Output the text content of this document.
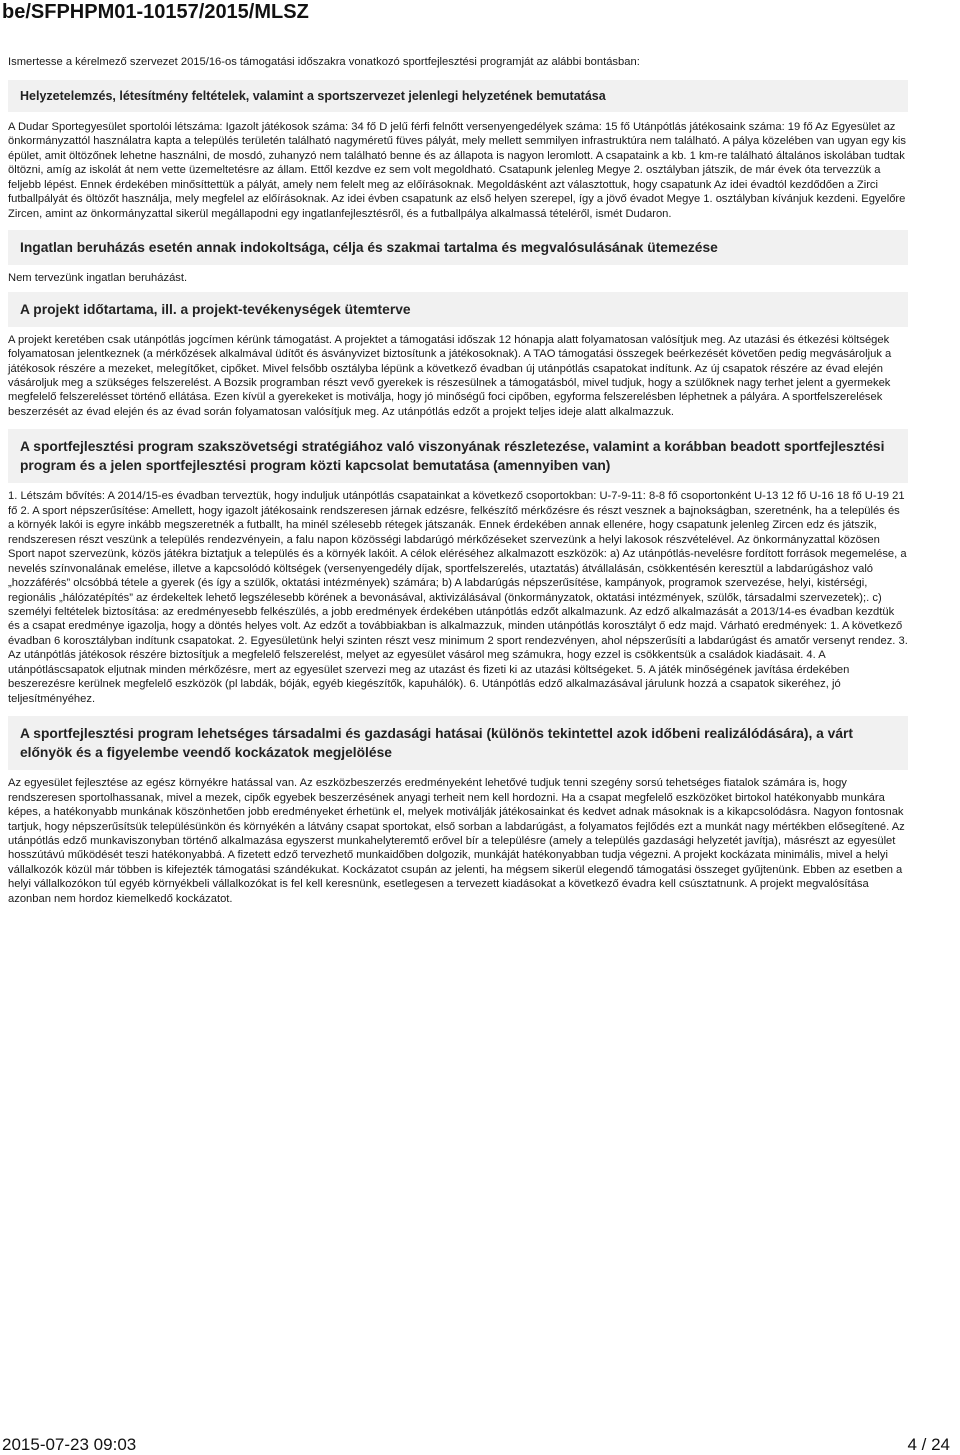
be/SFPHPM01-10157/2015/MLSZ

Ismertesse a kérelmező szervezet 2015/16-os támogatási időszakra vonatkozó sportfejlesztési programját az alábbi bontásban:

Helyzetelemzés, létesítmény feltételek, valamint a sportszervezet jelenlegi helyzetének bemutatása

A Dudar Sportegyesület sportolói létszáma: Igazolt játékosok száma: 34 fő D jelű férfi felnőtt versenyengedélyek száma: 15 fő Utánpótlás játékosaink száma: 19 fő Az Egyesület az önkormányzattól használatra kapta a település területén található nagyméretű füves pályát, mely mellett semmilyen infrastruktúra nem található. A pálya közelében van ugyan egy kis épület, amit öltözőnek lehetne használni, de mosdó, zuhanyzó nem található benne és az állapota is nagyon leromlott. A csapataink a kb. 1 km-re található általános iskolában tudtak öltözni, amíg az iskolát át nem vette üzemeltetésre az állam. Ettől kezdve ez sem volt megoldható. Csatapunk jelenleg Megye 2. osztályban játszik, de már évek óta tervezzük a feljebb lépést. Ennek érdekében minősíttettük a pályát, amely nem felelt meg az előírásoknak. Megoldásként azt választottuk, hogy csapatunk Az idei évadtól kezdődően a Zirci futballpályát és öltözőt használja, mely megfelel az előírásoknak. Az idei évben csapatunk az első helyen szerepel, így a jövő évadot Megye 1. osztályban kívánjuk kezdeni. Egyelőre Zircen, amint az önkormányzattal sikerül megállapodni egy ingatlanfejlesztésről, és a futballpálya alkalmassá tételéről, ismét Dudaron.

Ingatlan beruházás esetén annak indokoltsága, célja és szakmai tartalma és megvalósulásának ütemezése

Nem tervezünk ingatlan beruházást.

A projekt időtartama, ill. a projekt-tevékenységek ütemterve

A projekt keretében csak utánpótlás jogcímen kérünk támogatást. A projektet a támogatási időszak 12 hónapja alatt folyamatosan valósítjuk meg. Az utazási és étkezési költségek folyamatosan jelentkeznek (a mérkőzések alkalmával üdítőt és ásványvizet biztosítunk a játékosoknak). A TAO támogatási összegek beérkezését követően pedig megvásároljuk a játékosok részére a mezeket, melegítőket, cipőket. Mivel felsőbb osztályba lépünk a következő évadban új utánpótlás csapatokat indítunk. Az új csapatok részére az évad elején vásároljuk meg a szükséges felszerelést. A Bozsik programban részt vevő gyerekek is részesülnek a támogatásból, mivel tudjuk, hogy a szülőknek nagy terhet jelent a gyermekek megfelelő felszerelésset történő ellátása. Ezen kívül a gyerekeket is motiválja, hogy jó minőségű foci cipőben, egyforma felszerelésben léphetnek a pályára. A sportfelszerelések beszerzését az évad elején és az évad során folyamatosan valósítjuk meg. Az utánpótlás edzőt a projekt teljes ideje alatt alkalmazzuk.

A sportfejlesztési program szakszövetségi stratégiához való viszonyának részletezése, valamint a korábban beadott sportfejlesztési program és a jelen sportfejlesztési program közti kapcsolat bemutatása (amennyiben van)

1. Létszám bővítés: A 2014/15-es évadban terveztük, hogy induljuk utánpótlás csapatainkat a következő csoportokban: U-7-9-11: 8-8 fő csoportonként U-13 12 fő U-16 18 fő U-19 21 fő 2. A sport népszerűsítése: Amellett, hogy igazolt játékosaink rendszeresen járnak edzésre, felkészítő mérkőzésre és részt vesznek a bajnokságban, szeretnénk, ha a település és a környék lakói is egyre inkább megszeretnék a futballt, ha minél szélesebb rétegek játszanák. Ennek érdekében annak ellenére, hogy csapatunk jelenleg Zircen edz és játszik, rendszeresen részt veszünk a település rendezvényein, a falu napon közösségi labdarúgó mérkőzéseket szervezünk a helyi lakosok részvételével. Az önkormányzattal közösen Sport napot szervezünk, közös játékra biztatjuk a település és a környék lakóit. A célok eléréséhez alkalmazott eszközök: a) Az utánpótlás-nevelésre fordított források megemelése, a nevelés színvonalának emelése, illetve a kapcsolódó költségek (versenyengedély díjak, sportfelszerelés, utaztatás) átvállalásán, csökkentésén keresztül a labdarúgáshoz való „hozzáférés” olcsóbbá tétele a gyerek (és így a szülők, oktatási intézmények) számára; b) A labdarúgás népszerűsítése, kampányok, programok szervezése, helyi, kistérségi, regionális „hálózatépítés” az érdekeltek lehető legszélesebb körének a bevonásával, aktivizálásával (önkormányzatok, oktatási intézmények, szülők, társadalmi szervezetek);. c) személyi feltételek biztosítása: az eredményesebb felkészülés, a jobb eredmények érdekében utánpótlás edzőt alkalmazunk. Az edző alkalmazását a 2013/14-es évadban kezdtük és a csapat eredménye igazolja, hogy a döntés helyes volt. Az edzőt a továbbiakban is alkalmazzuk, minden utánpótlás korosztályt ő edz majd. Várható eredmények: 1. A következő évadban 6 korosztályban indítunk csapatokat. 2. Egyesületünk helyi szinten részt vesz minimum 2 sport rendezvényen, ahol népszerűsíti a labdarúgást és amatőr versenyt rendez. 3. Az utánpótlás játékosok részére biztosítjuk a megfelelő felszerelést, melyet az egyesület vásárol meg számukra, hogy ezzel is csökkentsük a családok kiadásait. 4. A utánpótláscsapatok eljutnak minden mérkőzésre, mert az egyesület szervezi meg az utazást és fizeti ki az utazási költségeket. 5. A játék minőségének javítása érdekében beszerezésre kerülnek megfelelő eszközök (pl labdák, bóják, egyéb kiegészítők, kapuhálók). 6. Utánpótlás edző alkalmazásával járulunk hozzá a csapatok sikeréhez, jó teljesítményéhez.

A sportfejlesztési program lehetséges társadalmi és gazdasági hatásai (különös tekintettel azok időbeni realizálódására), a várt előnyök és a figyelembe veendő kockázatok megjelölése

Az egyesület fejlesztése az egész környékre hatással van. Az eszközbeszerzés eredményeként lehetővé tudjuk tenni szegény sorsú tehetséges fiatalok számára is, hogy rendszeresen sportolhassanak, mivel a mezek, cipők egyebek beszerzésének anyagi terheit nem kell hordozni. Ha a csapat megfelelő eszközöket birtokol hatékonyabb munkára képes, a hatékonyabb munkának köszönhetően jobb eredményeket érhetünk el, melyek motiválják játékosainkat és kedvet adnak másoknak is a kikapcsolódásra. Nagyon fontosnak tartjuk, hogy népszerűsítsük településünkön és környékén a látvány csapat sportokat, első sorban a labdarúgást, a folyamatos fejlődés ezt a munkát nagy mértékben elősegítené. Az utánpótlás edző munkaviszonyban történő alkalmazása egyszerst munkahelyteremtő erővel bír a településre (amely a település gazdasági helyzetét javítja), másrészt az egyesület hosszútávú működését teszi hatékonyabbá. A fizetett edző tervezhető munkaidőben dolgozik, munkáját hatékonyabban tudja végezni. A projekt kockázata minimális, mivel a helyi vállalkozók közül már többen is kifejezték támogatási szándékukat. Kockázatot csupán az jelenti, ha mégsem sikerül elegendő támogatási összeget gyűjtenünk. Ebben az esetben a helyi vállalkozókon túl egyéb környékbeli vállalkozókat is fel kell keresnünk, esetlegesen a tervezett kiadásokat a következő évadra kell csúsztatnunk. A projekt megvalósítása azonban nem hordoz kiemelkedő kockázatot.

2015-07-23 09:03	4 / 24
